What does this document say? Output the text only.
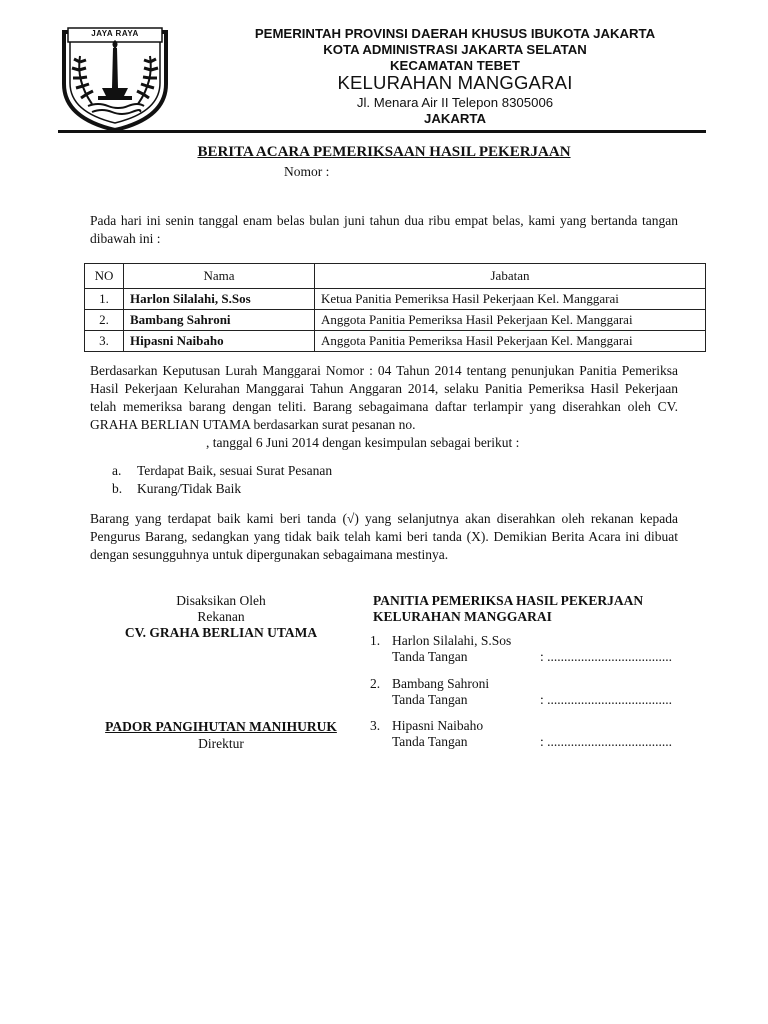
JAYA RAYA	PEMERINTAH PROVINSI DAERAH KHUSUS IBUKOTA JAKARTA
KOTA ADMINISTRASI JAKARTA SELATAN
KECAMATAN TEBET
KELURAHAN MANGGARAI
Jl. Menara Air II Telepon 8305006
JAKARTA
BERITA ACARA PEMERIKSAAN HASIL PEKERJAAN
Nomor :
Pada hari ini senin tanggal enam belas bulan juni tahun dua ribu empat belas, kami yang bertanda tangan dibawah ini :
NO	Nama	Jabatan
1.	Harlon Silalahi, S.Sos	Ketua Panitia Pemeriksa Hasil Pekerjaan Kel. Manggarai
2.	Bambang Sahroni	Anggota Panitia Pemeriksa Hasil Pekerjaan Kel. Manggarai
3.	Hipasni Naibaho	Anggota Panitia Pemeriksa Hasil Pekerjaan Kel. Manggarai
Berdasarkan Keputusan Lurah Manggarai Nomor : 04 Tahun 2014 tentang penunjukan Panitia Pemeriksa Hasil Pekerjaan Kelurahan Manggarai Tahun Anggaran 2014, selaku Panitia Pemeriksa Hasil Pekerjaan telah memeriksa barang dengan teliti. Barang sebagaimana daftar terlampir yang diserahkan oleh CV. GRAHA BERLIAN UTAMA berdasarkan surat pesanan no.
, tanggal 6 Juni 2014 dengan kesimpulan sebagai berikut :
a.	Terdapat Baik, sesuai Surat Pesanan
b.	Kurang/Tidak Baik
Barang yang terdapat baik kami beri tanda (√) yang selanjutnya akan diserahkan oleh rekanan kepada Pengurus Barang, sedangkan yang tidak baik telah kami beri tanda (X). Demikian Berita Acara ini dibuat dengan sesungguhnya untuk dipergunakan sebagaimana mestinya.
Disaksikan Oleh
Rekanan
CV. GRAHA BERLIAN UTAMA
PADOR PANGIHUTAN MANIHURUK
Direktur
PANITIA PEMERIKSA HASIL PEKERJAAN
KELURAHAN MANGGARAI
1. Harlon Silalahi, S.Sos
Tanda Tangan	: .....................................
2. Bambang Sahroni
Tanda Tangan	: .....................................
3. Hipasni Naibaho
Tanda Tangan	: .....................................
